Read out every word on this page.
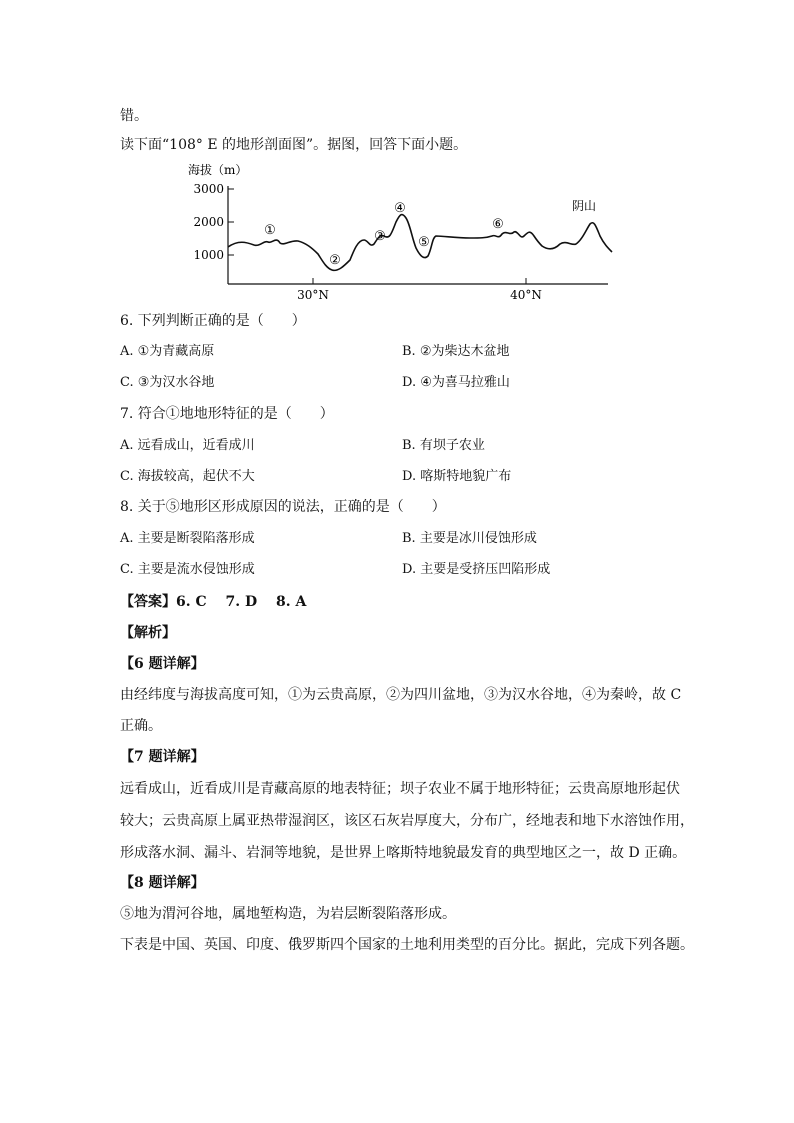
错。
读下面“108° E 的地形剖面图”。据图，回答下面小题。
海拔（m）
3000
2000
1000
30°N	40°N
①
②
③
④
⑤
⑥
阴山
6. 下列判断正确的是（　　）
A. ①为青藏高原	B. ②为柴达木盆地
C. ③为汉水谷地	D. ④为喜马拉雅山
7. 符合①地地形特征的是（　　）
A. 远看成山，近看成川	B. 有坝子农业
C. 海拔较高，起伏不大	D. 喀斯特地貌广布
8. 关于⑤地形区形成原因的说法，正确的是（　　）
A. 主要是断裂陷落形成	B. 主要是冰川侵蚀形成
C. 主要是流水侵蚀形成	D. 主要是受挤压凹陷形成
【答案】6. C　 7. D　 8. A
【解析】
【6 题详解】
由经纬度与海拔高度可知，①为云贵高原，②为四川盆地，③为汉水谷地，④为秦岭，故 C
正确。
【7 题详解】
远看成山，近看成川是青藏高原的地表特征；坝子农业不属于地形特征；云贵高原地形起伏
较大；云贵高原上属亚热带湿润区，该区石灰岩厚度大，分布广，经地表和地下水溶蚀作用，
形成落水洞、漏斗、岩洞等地貌，是世界上喀斯特地貌最发育的典型地区之一，故 D 正确。
【8 题详解】
⑤地为渭河谷地，属地堑构造，为岩层断裂陷落形成。
下表是中国、英国、印度、俄罗斯四个国家的土地利用类型的百分比。据此，完成下列各题。
